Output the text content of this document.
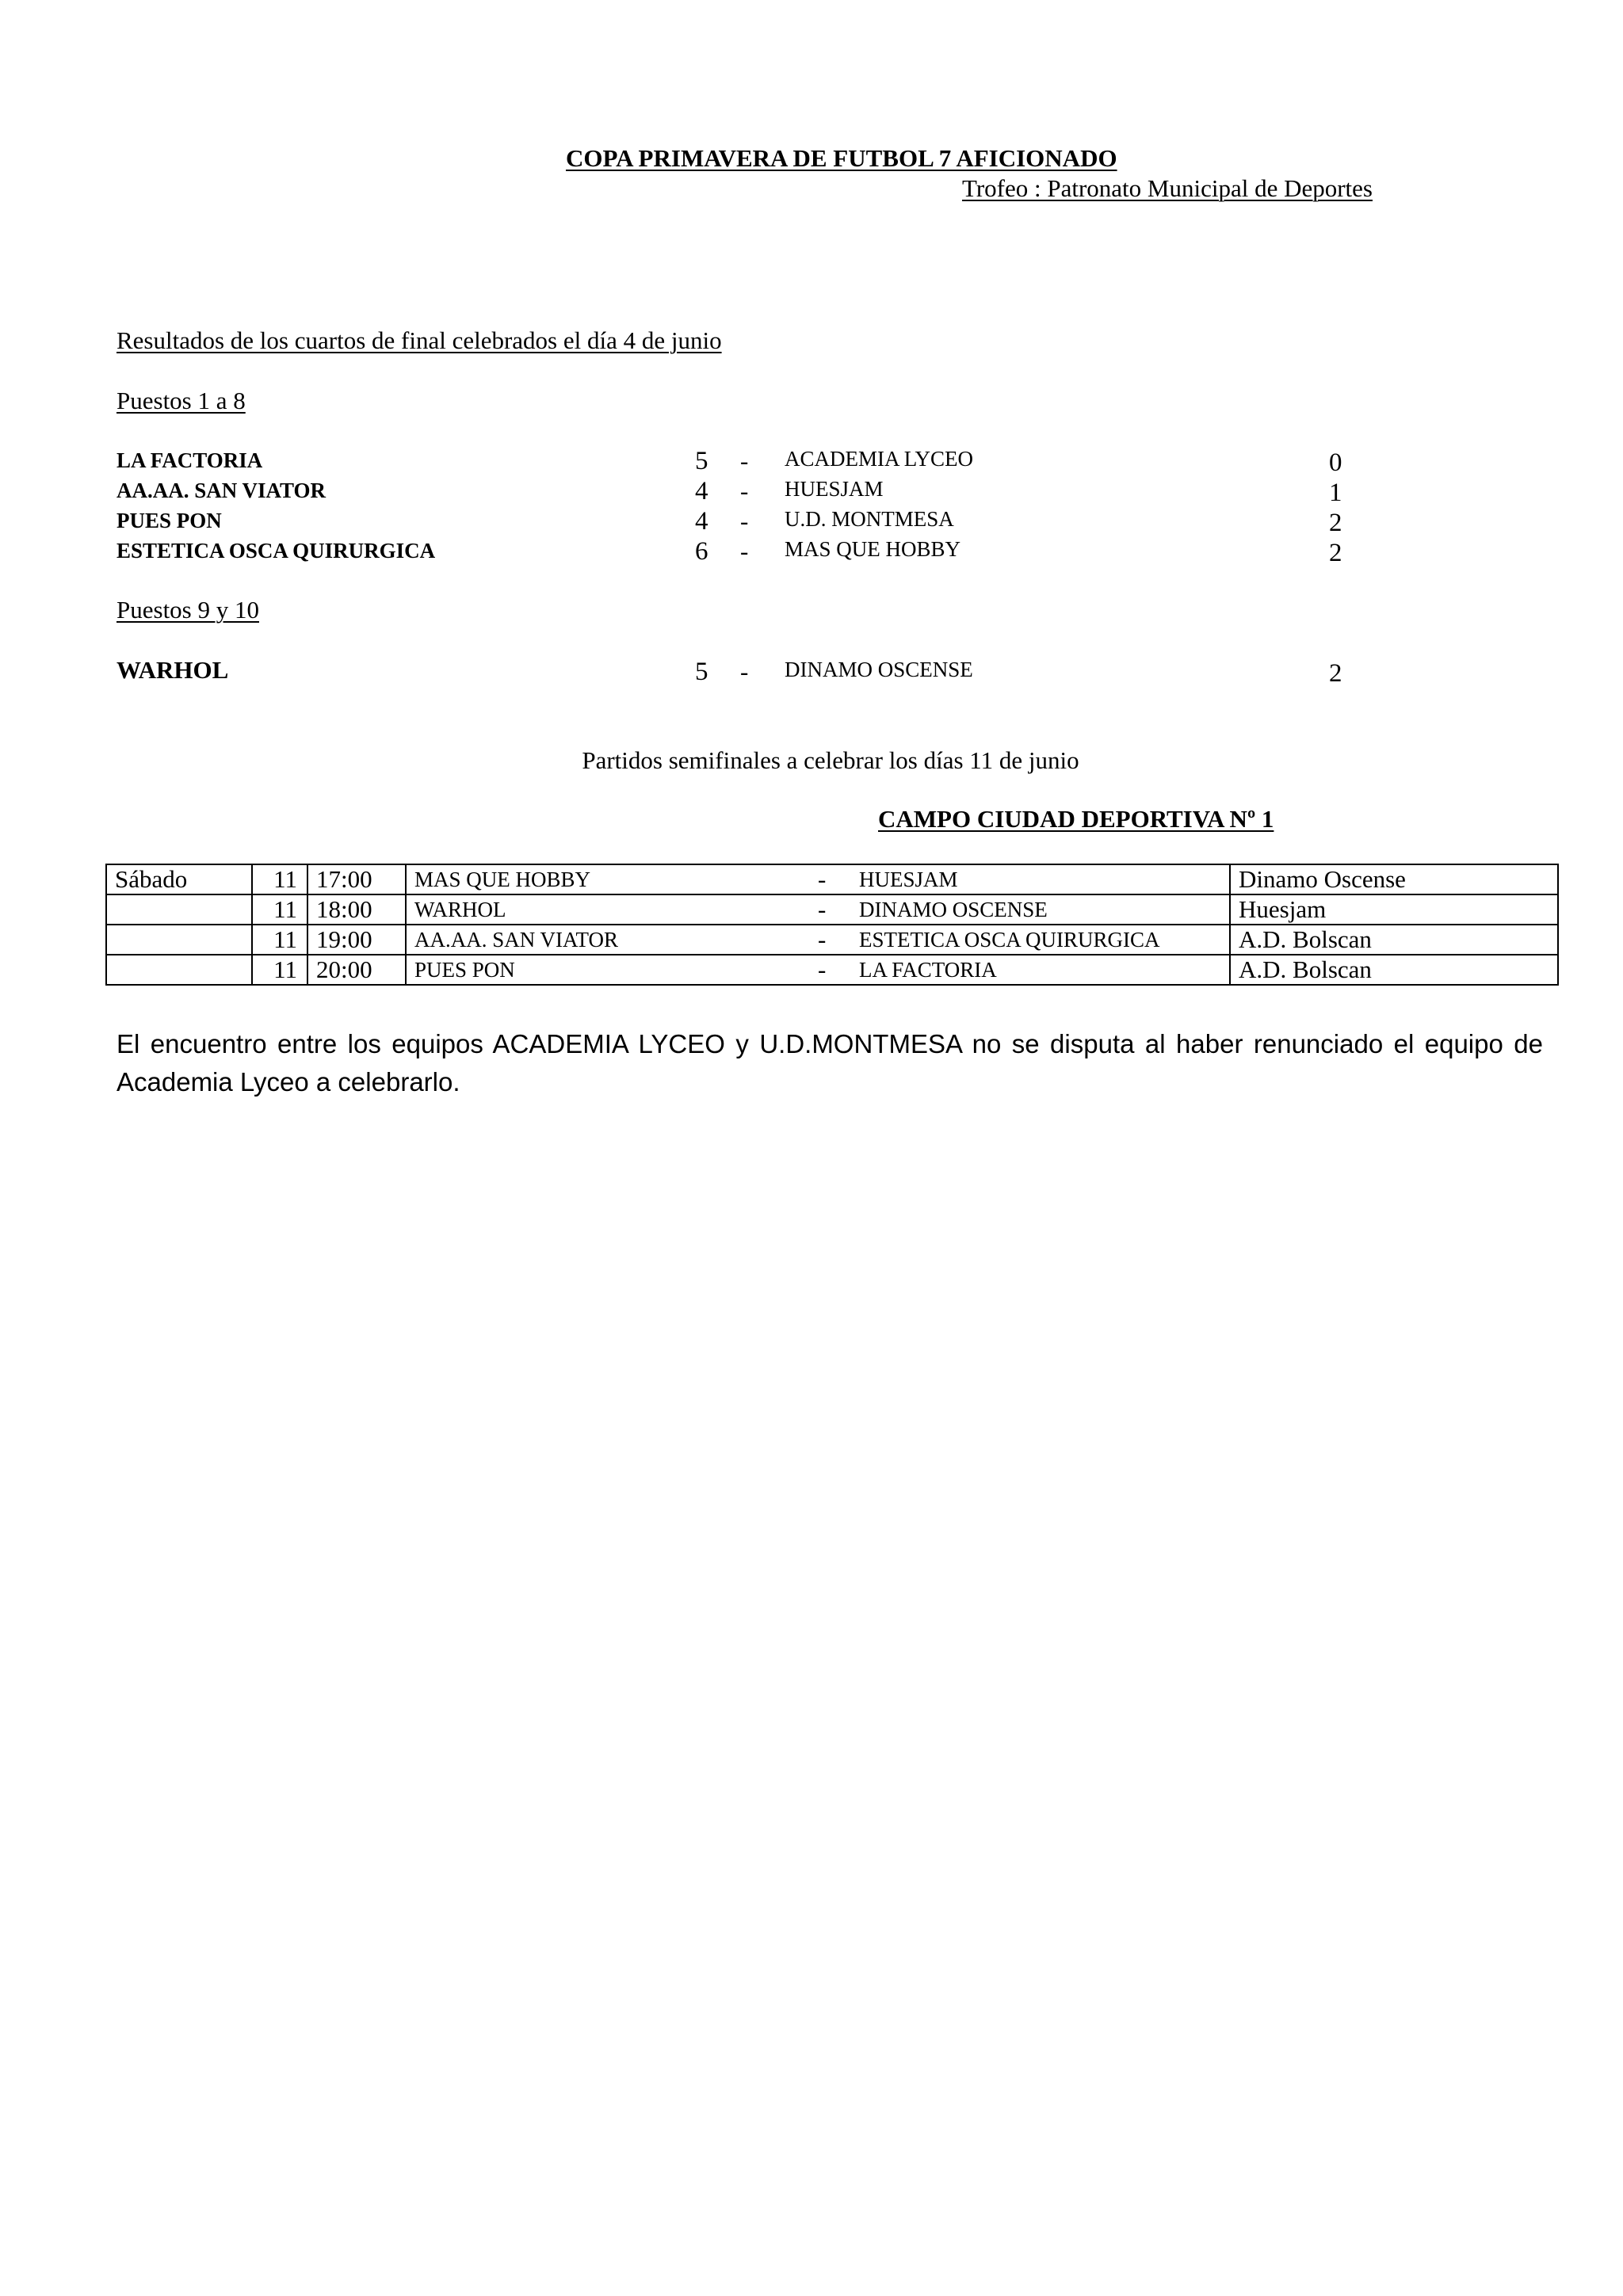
COPA PRIMAVERA DE FUTBOL 7 AFICIONADO
Trofeo : Patronato Municipal de Deportes
Resultados de los cuartos de final celebrados el día 4 de junio
Puestos 1 a 8
LA FACTORIA	5 - ACADEMIA LYCEO	0
AA.AA. SAN VIATOR	4 - HUESJAM	1
PUES PON	4 - U.D. MONTMESA	2
ESTETICA OSCA QUIRURGICA	6 - MAS QUE HOBBY	2
Puestos 9 y 10
WARHOL	5 - DINAMO OSCENSE	2
Partidos semifinales a celebrar los días 11 de junio
CAMPO CIUDAD DEPORTIVA Nº 1
Sábado	11	17:00	MAS QUE HOBBY	-	HUESJAM	Dinamo Oscense
	11	18:00	WARHOL	-	DINAMO OSCENSE	Huesjam
	11	19:00	AA.AA. SAN VIATOR	-	ESTETICA OSCA QUIRURGICA	A.D. Bolscan
	11	20:00	PUES PON	-	LA FACTORIA	A.D. Bolscan
El encuentro entre los equipos ACADEMIA LYCEO y U.D.MONTMESA no se disputa al haber renunciado el equipo de Academia Lyceo a celebrarlo.
